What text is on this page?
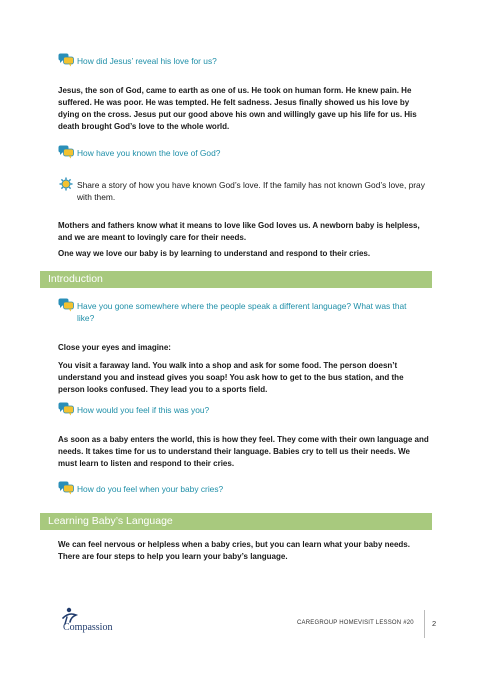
How did Jesus’ reveal his love for us?
Jesus, the son of God, came to earth as one of us. He took on human form. He knew pain. He suffered. He was poor. He was tempted. He felt sadness. Jesus finally showed us his love by dying on the cross. Jesus put our good above his own and willingly gave up his life for us. His death brought God’s love to the whole world.
How have you known the love of God?
Share a story of how you have known God’s love. If the family has not known God’s love, pray with them.
Mothers and fathers know what it means to love like God loves us. A newborn baby is helpless, and we are meant to lovingly care for their needs.
One way we love our baby is by learning to understand and respond to their cries.
Introduction
Have you gone somewhere where the people speak a different language? What was that like?
Close your eyes and imagine:
You visit a faraway land. You walk into a shop and ask for some food. The person doesn’t understand you and instead gives you soap! You ask how to get to the bus station, and the person looks confused. They lead you to a sports field.
How would you feel if this was you?
As soon as a baby enters the world, this is how they feel. They come with their own language and needs. It takes time for us to understand their language. Babies cry to tell us their needs. We must learn to listen and respond to their cries.
How do you feel when your baby cries?
Learning Baby’s Language
We can feel nervous or helpless when a baby cries, but you can learn what your baby needs. There are four steps to help you learn your baby’s language.
Compassion	CAREGROUP HOMEVISIT LESSON #20 2
